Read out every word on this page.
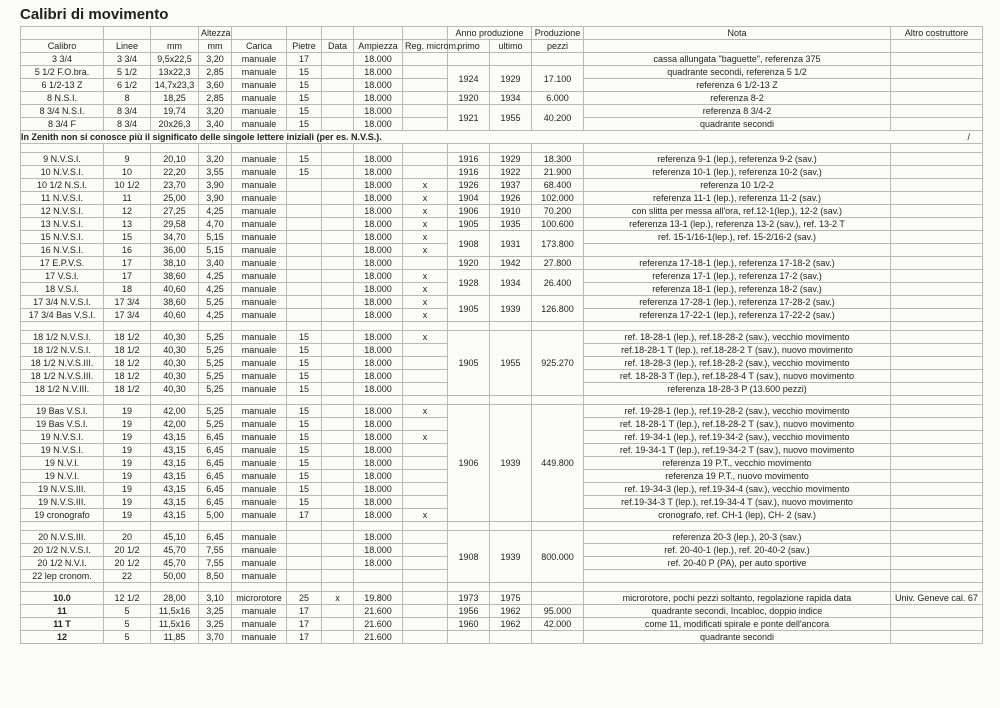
Calibri di movimento
			Altezza						Anno produzione		Produzione	Nota	Altro costruttore
Calibro	Linee	mm	mm	Carica	Pietre	Data	Ampiezza	Reg. microm.	primo	ultimo	pezzi		
3 3/4	3 3/4	9,5x22,5	3,20	manuale	17		18.000					cassa allungata "baguette", referenza 375	
5 1/2 F.O.bra.	5 1/2	13x22,3	2,85	manuale	15		18.000		1924	1929	17.100	quadrante secondi, referenza 5 1/2	
6 1/2-13 Z	6 1/2	14,7x23,3	3,60	manuale	15		18.000					referenza 6 1/2-13 Z	
8 N.S.I.	8	18,25	2,85	manuale	15		18.000		1920	1934	6.000	referenza 8-2	
8 3/4 N.S.I.	8 3/4	19,74	3,20	manuale	15		18.000		1921	1955	40.200	referenza 8 3/4-2	
8 3/4 F	8 3/4	20x26,3	3,40	manuale	15		18.000					quadrante secondi	
In Zenith non si conosce più il significato delle singole lettere iniziali (per es. N.V.S.). /													

9 N.V.S.I.	9	20,10	3,20	manuale	15		18.000		1916	1929	18.300	referenza 9-1 (lep.), referenza 9-2 (sav.)	
10 N.V.S.I.	10	22,20	3,55	manuale	15		18.000		1916	1922	21.900	referenza 10-1 (lep.), referenza 10-2 (sav.)	
10 1/2 N.S.I.	10 1/2	23,70	3,90	manuale			18.000	x	1926	1937	68.400	referenza 10 1/2-2	
11 N.V.S.I.	11	25,00	3,90	manuale			18.000	x	1904	1926	102.000	referenza 11-1 (lep.), referenza 11-2 (sav.)	
12 N.V.S.I.	12	27,25	4,25	manuale			18.000	x	1906	1910	70.200	con slitta per messa all'ora, ref.12-1(lep.), 12-2 (sav.)	
13 N.V.S.I.	13	29,58	4,70	manuale			18.000	x	1905	1935	100.600	referenza 13-1 (lep.), referenza 13-2 (sav.), ref. 13-2 T	
15 N.V.S.I.	15	34,70	5,15	manuale			18.000	x	1908	1931	173.800	ref. 15-1/16-1(lep.), ref. 15-2/16-2 (sav.)	
16 N.V.S.I.	16	36,00	5,15	manuale			18.000	x					
17 E.P.V.S.	17	38,10	3,40	manuale			18.000		1920	1942	27.800	referenza 17-18-1 (lep.), referenza 17-18-2 (sav.)	
17 V.S.I.	17	38,60	4,25	manuale			18.000	x	1928	1934	26.400	referenza 17-1 (lep.), referenza 17-2 (sav.)	
18 V.S.I.	18	40,60	4,25	manuale			18.000	x				referenza 18-1 (lep.), referenza 18-2 (sav.)	
17 3/4 N.V.S.I.	17 3/4	38,60	5,25	manuale			18.000	x	1905	1939	126.800	referenza 17-28-1 (lep.), referenza 17-28-2 (sav.)	
17 3/4 Bas V.S.I.	17 3/4	40,60	4,25	manuale			18.000	x				referenza 17-22-1 (lep.), referenza 17-22-2 (sav.)	

18 1/2 N.V.S.I.	18 1/2	40,30	5,25	manuale	15		18.000	x	1905	1955	925.270	ref. 18-28-1 (lep.), ref.18-28-2 (sav.), vecchio movimento	
18 1/2 N.V.S.I.	18 1/2	40,30	5,25	manuale	15		18.000					ref.18-28-1 T (lep.), ref.18-28-2 T (sav.), nuovo movimento	
18 1/2 N.V.S.III.	18 1/2	40,30	5,25	manuale	15		18.000					ref. 18-28-3 (lep.), ref.18-28-2 (sav.), vecchio movimento	
18 1/2 N.V.S.III.	18 1/2	40,30	5,25	manuale	15		18.000					ref. 18-28-3 T (lep.), ref.18-28-4 T (sav.), nuovo movimento	
18 1/2 N.V.III.	18 1/2	40,30	5,25	manuale	15		18.000					referenza 18-28-3 P (13.600 pezzi)	

19 Bas V.S.I.	19	42,00	5,25	manuale	15		18.000	x	1906	1939	449.800	ref. 19-28-1 (lep.), ref.19-28-2 (sav.), vecchio movimento	
19 Bas V.S.I.	19	42,00	5,25	manuale	15		18.000					ref. 18-28-1 T (lep.), ref.18-28-2 T (sav.), nuovo movimento	
19 N.V.S.I.	19	43,15	6,45	manuale	15		18.000	x				ref. 19-34-1 (lep.), ref.19-34-2 (sav.), vecchio movimento	
19 N.V.S.I.	19	43,15	6,45	manuale	15		18.000					ref. 19-34-1 T (lep.), ref.19-34-2 T (sav.), nuovo movimento	
19 N.V.I.	19	43,15	6,45	manuale	15		18.000					referenza 19 P.T., vecchio movimento	
19 N.V.I.	19	43,15	6,45	manuale	15		18.000					referenza 19 P.T., nuovo movimento	
19 N.V.S.III.	19	43,15	6,45	manuale	15		18.000					ref. 19-34-3 (lep.), ref.19-34-4 (sav.), vecchio movimento	
19 N.V.S.III.	19	43,15	6,45	manuale	15		18.000					ref.19-34-3 T (lep.), ref.19-34-4 T (sav.), nuovo movimento	
19 cronografo	19	43,15	5,00	manuale	17		18.000	x				cronografo, ref. CH-1 (lep), CH- 2 (sav.)	

20 N.V.S.III.	20	45,10	6,45	manuale			18.000		1908	1939	800.000	referenza 20-3 (lep.), 20-3 (sav.)	
20 1/2 N.V.S.I.	20 1/2	45,70	7,55	manuale			18.000					ref. 20-40-1 (lep.), ref. 20-40-2 (sav.)	
20 1/2 N.V.I.	20 1/2	45,70	7,55	manuale			18.000					ref. 20-40 P (PA), per auto sportive	
22 lep cronom.	22	50,00	8,50	manuale									

10.0	12 1/2	28,00	3,10	microrotore	25	x	19.800		1973	1975		microrotore, pochi pezzi soltanto, regolazione rapida data	Univ. Geneve cal. 67
11	5	11,5x16	3,25	manuale	17		21.600		1956	1962	95.000	quadrante secondi, Incabloc, doppio indice	
11 T	5	11,5x16	3,25	manuale	17		21.600		1960	1962	42.000	come 11, modificati spirale e ponte dell'ancora	
12	5	11,85	3,70	manuale	17		21.600					quadrante secondi	
